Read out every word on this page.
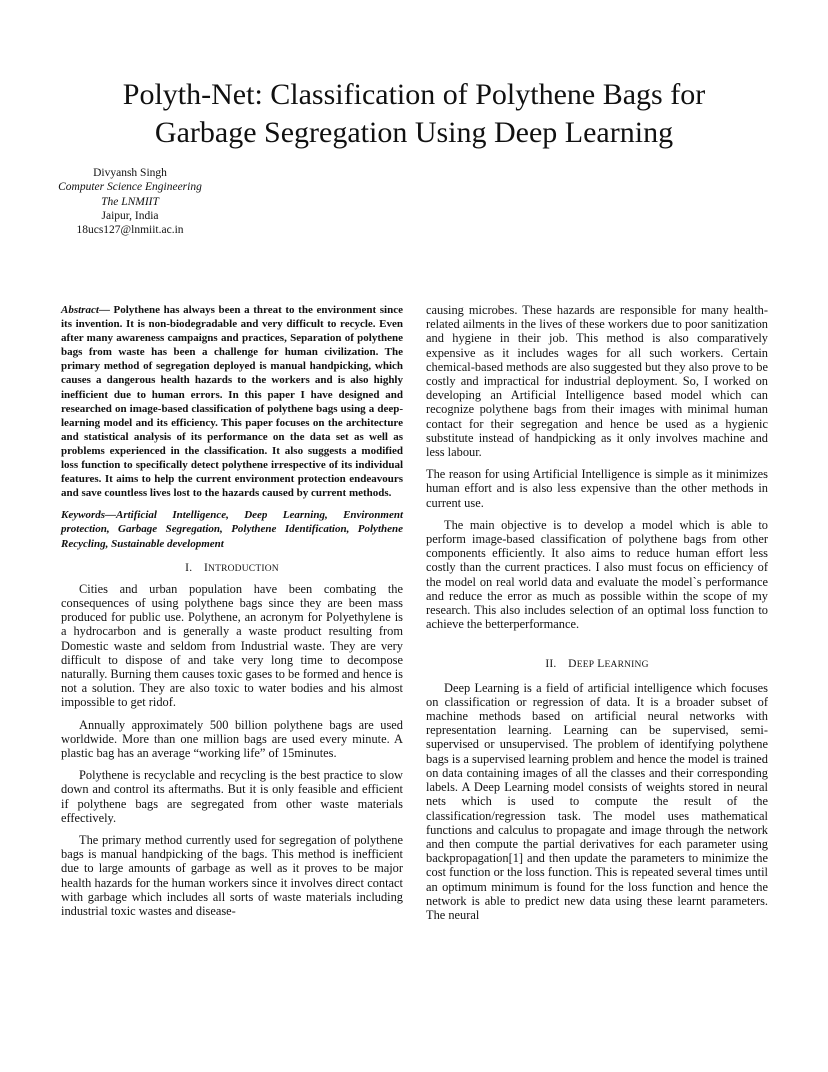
Polyth-Net: Classification of Polythene Bags for
Garbage Segregation Using Deep Learning
Divyansh Singh
Computer Science Engineering
The LNMIIT
Jaipur, India
18ucs127@lnmiit.ac.in

Abstract— Polythene has always been a threat to the environment since its invention. It is non-biodegradable and very difficult to recycle. Even after many awareness campaigns and practices, Separation of polythene bags from waste has been a challenge for human civilization. The primary method of segregation deployed is manual handpicking, which causes a dangerous health hazards to the workers and is also highly inefficient due to human errors. In this paper I have designed and researched on image-based classification of polythene bags using a deep-learning model and its efficiency. This paper focuses on the architecture and statistical analysis of its performance on the data set as well as problems experienced in the classification. It also suggests a modified loss function to specifically detect polythene irrespective of its individual features. It aims to help the current environment protection endeavours and save countless lives lost to the hazards caused by current methods.

Keywords—Artificial Intelligence, Deep Learning, Environment protection, Garbage Segregation, Polythene Identification, Polythene Recycling, Sustainable development

I.  INTRODUCTION

Cities and urban population have been combating the consequences of using polythene bags since they are been mass produced for public use. Polythene, an acronym for Polyethylene is a hydrocarbon and is generally a waste product resulting from Domestic waste and seldom from Industrial waste. They are very difficult to dispose of and take very long time to decompose naturally. Burning them causes toxic gases to be formed and hence is not a solution. They are also toxic to water bodies and his almost impossible to get ridof.

Annually approximately 500 billion polythene bags are used worldwide. More than one million bags are used every minute. A plastic bag has an average “working life” of 15minutes.

Polythene is recyclable and recycling is the best practice to slow down and control its aftermaths. But it is only feasible and efficient if polythene bags are segregated from other waste materials effectively.

The primary method currently used for segregation of polythene bags is manual handpicking of the bags. This method is inefficient due to large amounts of garbage as well as it proves to be major health hazards for the human workers since it involves direct contact with garbage which includes all sorts of waste materials including industrial toxic wastes and disease-

causing microbes. These hazards are responsible for many health-related ailments in the lives of these workers due to poor sanitization and hygiene in their job. This method is also comparatively expensive as it includes wages for all such workers. Certain chemical-based methods are also suggested but they also prove to be costly and impractical for industrial deployment. So, I worked on developing an Artificial Intelligence based model which can recognize polythene bags from their images with minimal human contact for their segregation and hence be used as a hygienic substitute instead of handpicking as it only involves machine and less labour.

The reason for using Artificial Intelligence is simple as it minimizes human effort and is also less expensive than the other methods in current use.

The main objective is to develop a model which is able to perform image-based classification of polythene bags from other components efficiently. It also aims to reduce human effort less costly than the current practices. I also must focus on efficiency of the model on real world data and evaluate the model`s performance and reduce the error as much as possible within the scope of my research. This also includes selection of an optimal loss function to achieve the betterperformance.

II.  DEEP LEARNING

Deep Learning is a field of artificial intelligence which focuses on classification or regression of data. It is a broader subset of machine methods based on artificial neural networks with representation learning. Learning can be supervised, semi-supervised or unsupervised. The problem of identifying polythene bags is a supervised learning problem and hence the model is trained on data containing images of all the classes and their corresponding labels. A Deep Learning model consists of weights stored in neural nets which is used to compute the result of the classification/regression task. The model uses mathematical functions and calculus to propagate and image through the network and then compute the partial derivatives for each parameter using backpropagation[1] and then update the parameters to minimize the cost function or the loss function. This is repeated several times until an optimum minimum is found for the loss function and hence the network is able to predict new data using these learnt parameters. The neural
